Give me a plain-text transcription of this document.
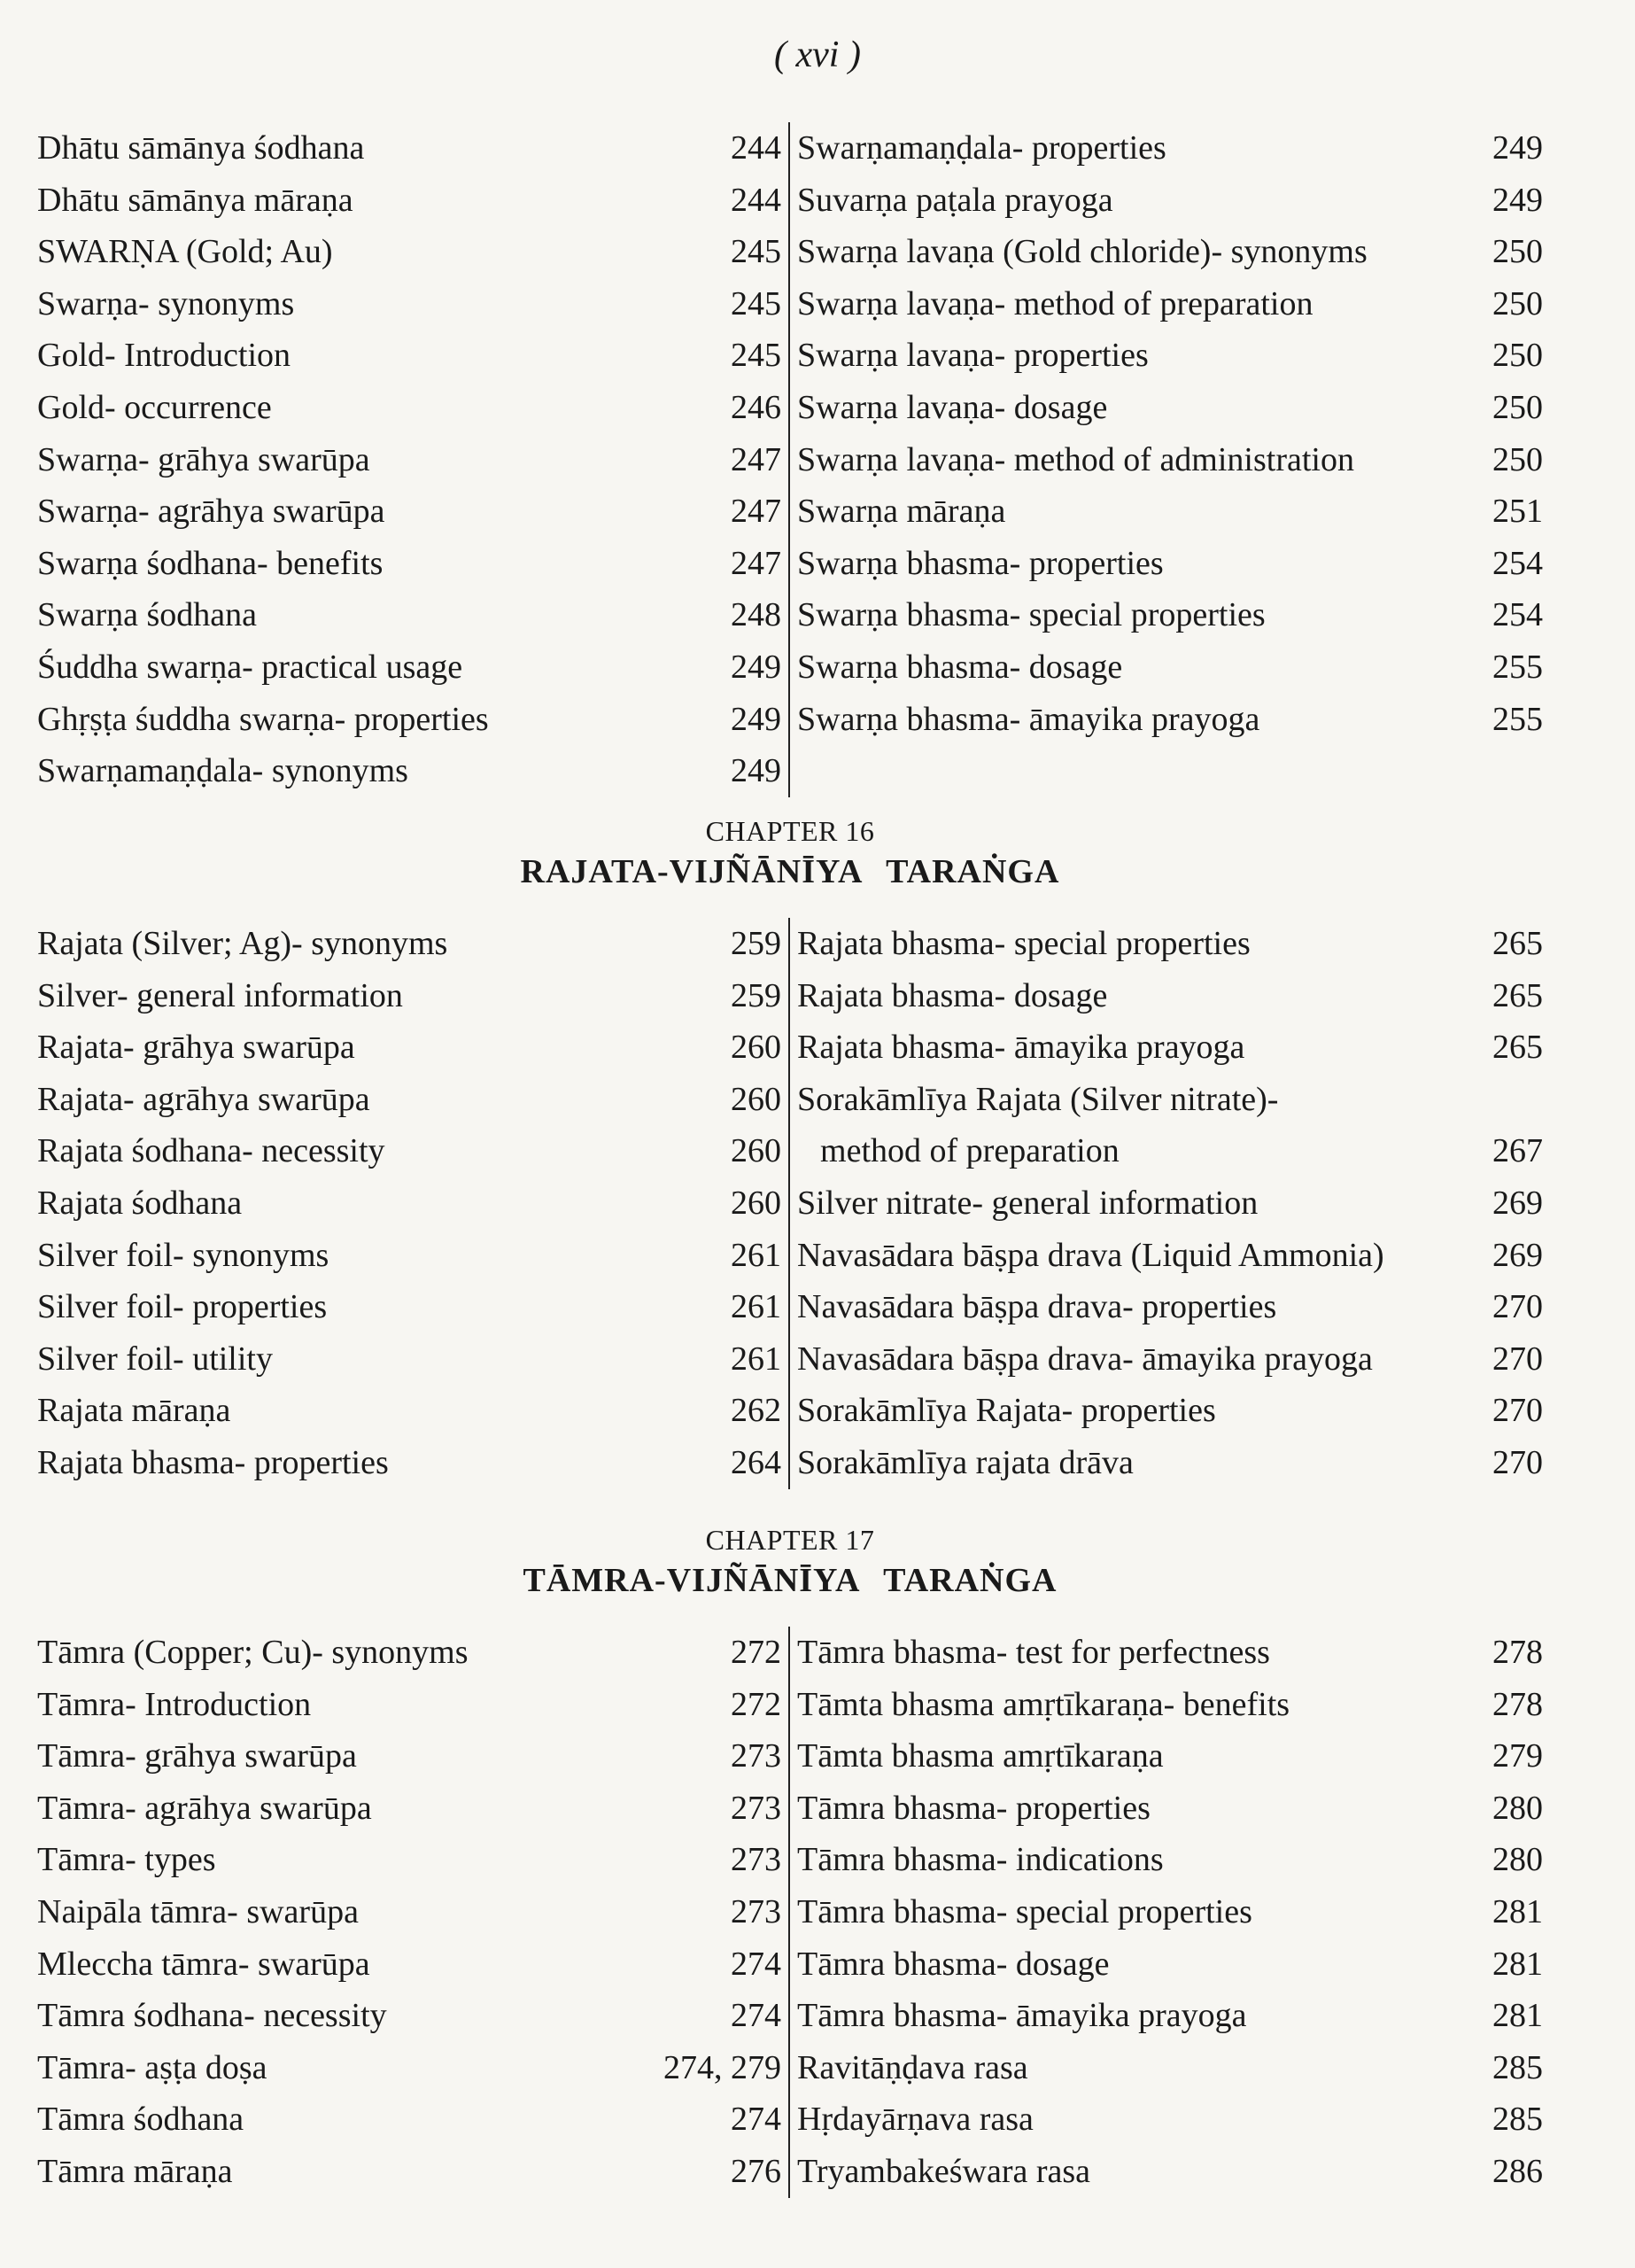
( xvi )
Dhātu sāmānya śodhana	244
Dhātu sāmānya māraṇa	244
SWARṆA (Gold; Au)	245
Swarṇa- synonyms	245
Gold- Introduction	245
Gold- occurrence	246
Swarṇa- grāhya swarūpa	247
Swarṇa- agrāhya swarūpa	247
Swarṇa śodhana- benefits	247
Swarṇa śodhana	248
Śuddha swarṇa- practical usage	249
Ghṛṣṭa śuddha swarṇa- properties	249
Swarṇamaṇḍala- synonyms	249
Swarṇamaṇḍala- properties	249
Suvarṇa paṭala prayoga	249
Swarṇa lavaṇa (Gold chloride)- synonyms	250
Swarṇa lavaṇa- method of preparation	250
Swarṇa lavaṇa- properties	250
Swarṇa lavaṇa- dosage	250
Swarṇa lavaṇa- method of administration	250
Swarṇa māraṇa	251
Swarṇa bhasma- properties	254
Swarṇa bhasma- special properties	254
Swarṇa bhasma- dosage	255
Swarṇa bhasma- āmayika prayoga	255
CHAPTER 16
RAJATA-VIJÑĀNĪYA TARAṄGA
Rajata (Silver; Ag)- synonyms	259
Silver- general information	259
Rajata- grāhya swarūpa	260
Rajata- agrāhya swarūpa	260
Rajata śodhana- necessity	260
Rajata śodhana	260
Silver foil- synonyms	261
Silver foil- properties	261
Silver foil- utility	261
Rajata māraṇa	262
Rajata bhasma- properties	264
Rajata bhasma- special properties	265
Rajata bhasma- dosage	265
Rajata bhasma- āmayika prayoga	265
Sorakāmlīya Rajata (Silver nitrate)-
method of preparation	267
Silver nitrate- general information	269
Navasādara bāṣpa drava (Liquid Ammonia)	269
Navasādara bāṣpa drava- properties	270
Navasādara bāṣpa drava- āmayika prayoga	270
Sorakāmlīya Rajata- properties	270
Sorakāmlīya rajata drāva	270
CHAPTER 17
TĀMRA-VIJÑĀNĪYA TARAṄGA
Tāmra (Copper; Cu)- synonyms	272
Tāmra- Introduction	272
Tāmra- grāhya swarūpa	273
Tāmra- agrāhya swarūpa	273
Tāmra- types	273
Naipāla tāmra- swarūpa	273
Mleccha tāmra- swarūpa	274
Tāmra śodhana- necessity	274
Tāmra- aṣṭa doṣa	274, 279
Tāmra śodhana	274
Tāmra māraṇa	276
Tāmra bhasma- test for perfectness	278
Tāmta bhasma amṛtīkaraṇa- benefits	278
Tāmta bhasma amṛtīkaraṇa	279
Tāmra bhasma- properties	280
Tāmra bhasma- indications	280
Tāmra bhasma- special properties	281
Tāmra bhasma- dosage	281
Tāmra bhasma- āmayika prayoga	281
Ravitāṇḍava rasa	285
Hṛdayārṇava rasa	285
Tryambakeśwara rasa	286
